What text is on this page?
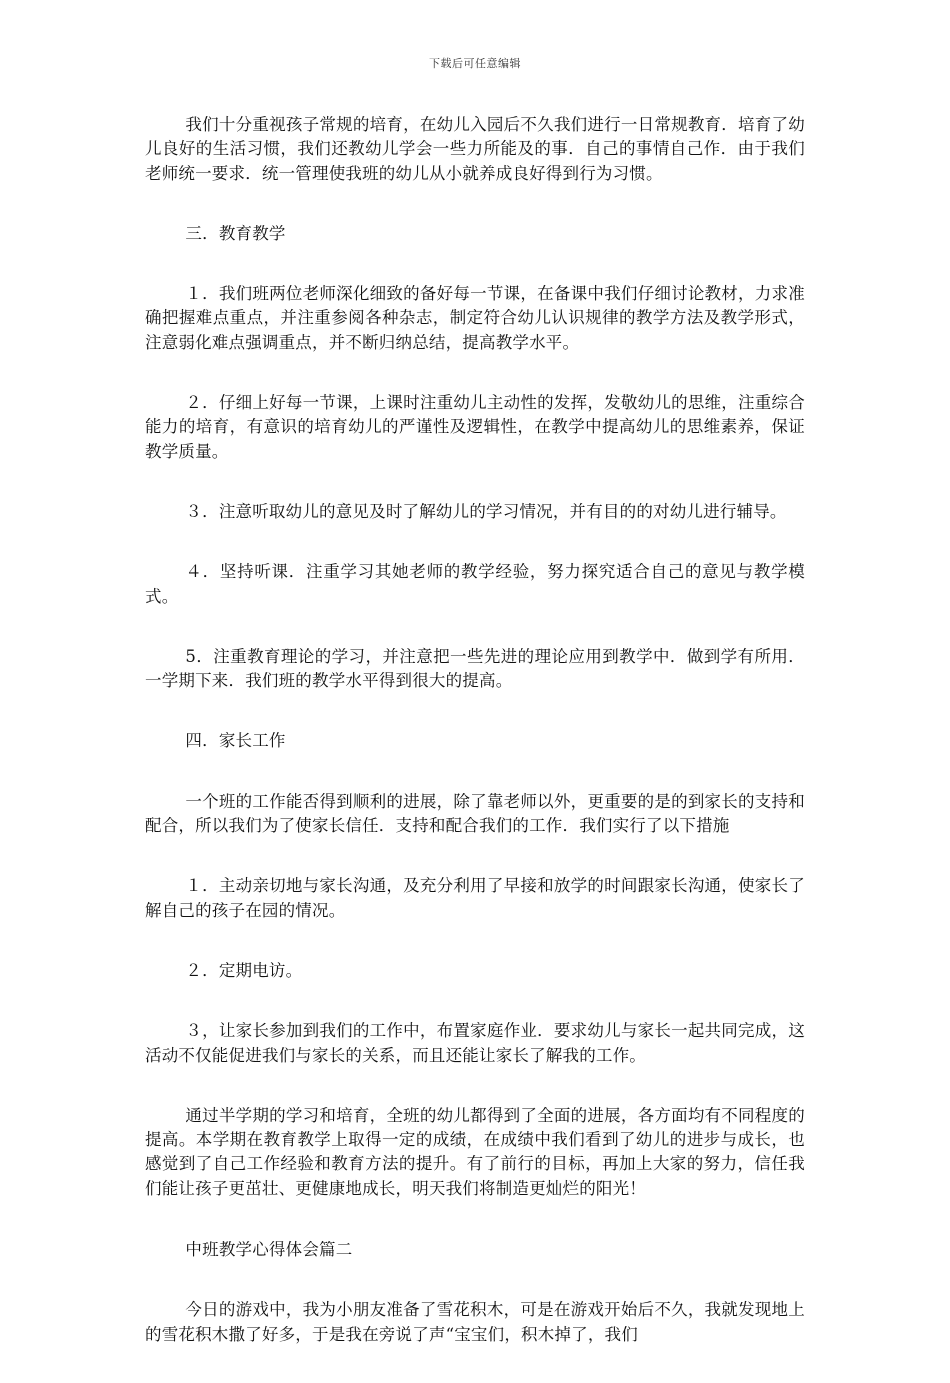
下载后可任意编辑

我们十分重视孩子常规的培育，在幼儿入园后不久我们进行一日常规教育．培育了幼儿良好的生活习惯，我们还教幼儿学会一些力所能及的事．自己的事情自己作．由于我们老师统一要求．统一管理使我班的幼儿从小就养成良好得到行为习惯。

三．教育教学

１．我们班两位老师深化细致的备好每一节课，在备课中我们仔细讨论教材，力求准确把握难点重点，并注重参阅各种杂志，制定符合幼儿认识规律的教学方法及教学形式，注意弱化难点强调重点，并不断归纳总结，提高教学水平。

２．仔细上好每一节课，上课时注重幼儿主动性的发挥，发敬幼儿的思维，注重综合能力的培育，有意识的培育幼儿的严谨性及逻辑性，在教学中提高幼儿的思维素养，保证教学质量。

３．注意听取幼儿的意见及时了解幼儿的学习情况，并有目的的对幼儿进行辅导。

４．坚持听课．注重学习其她老师的教学经验，努力探究适合自己的意见与教学模式。

5．注重教育理论的学习，并注意把一些先进的理论应用到教学中．做到学有所用．一学期下来．我们班的教学水平得到很大的提高。

四．家长工作

一个班的工作能否得到顺利的进展，除了靠老师以外，更重要的是的到家长的支持和配合，所以我们为了使家长信任．支持和配合我们的工作．我们实行了以下措施

１．主动亲切地与家长沟通，及充分利用了早接和放学的时间跟家长沟通，使家长了解自己的孩子在园的情况。

２．定期电访。

３，让家长参加到我们的工作中，布置家庭作业．要求幼儿与家长一起共同完成，这活动不仅能促进我们与家长的关系，而且还能让家长了解我的工作。

通过半学期的学习和培育，全班的幼儿都得到了全面的进展，各方面均有不同程度的提高。本学期在教育教学上取得一定的成绩，在成绩中我们看到了幼儿的进步与成长，也感觉到了自己工作经验和教育方法的提升。有了前行的目标，再加上大家的努力，信任我们能让孩子更茁壮、更健康地成长，明天我们将制造更灿烂的阳光！

中班教学心得体会篇二

今日的游戏中，我为小朋友准备了雪花积木，可是在游戏开始后不久，我就发现地上的雪花积木撒了好多，于是我在旁说了声“宝宝们，积木掉了，我们
